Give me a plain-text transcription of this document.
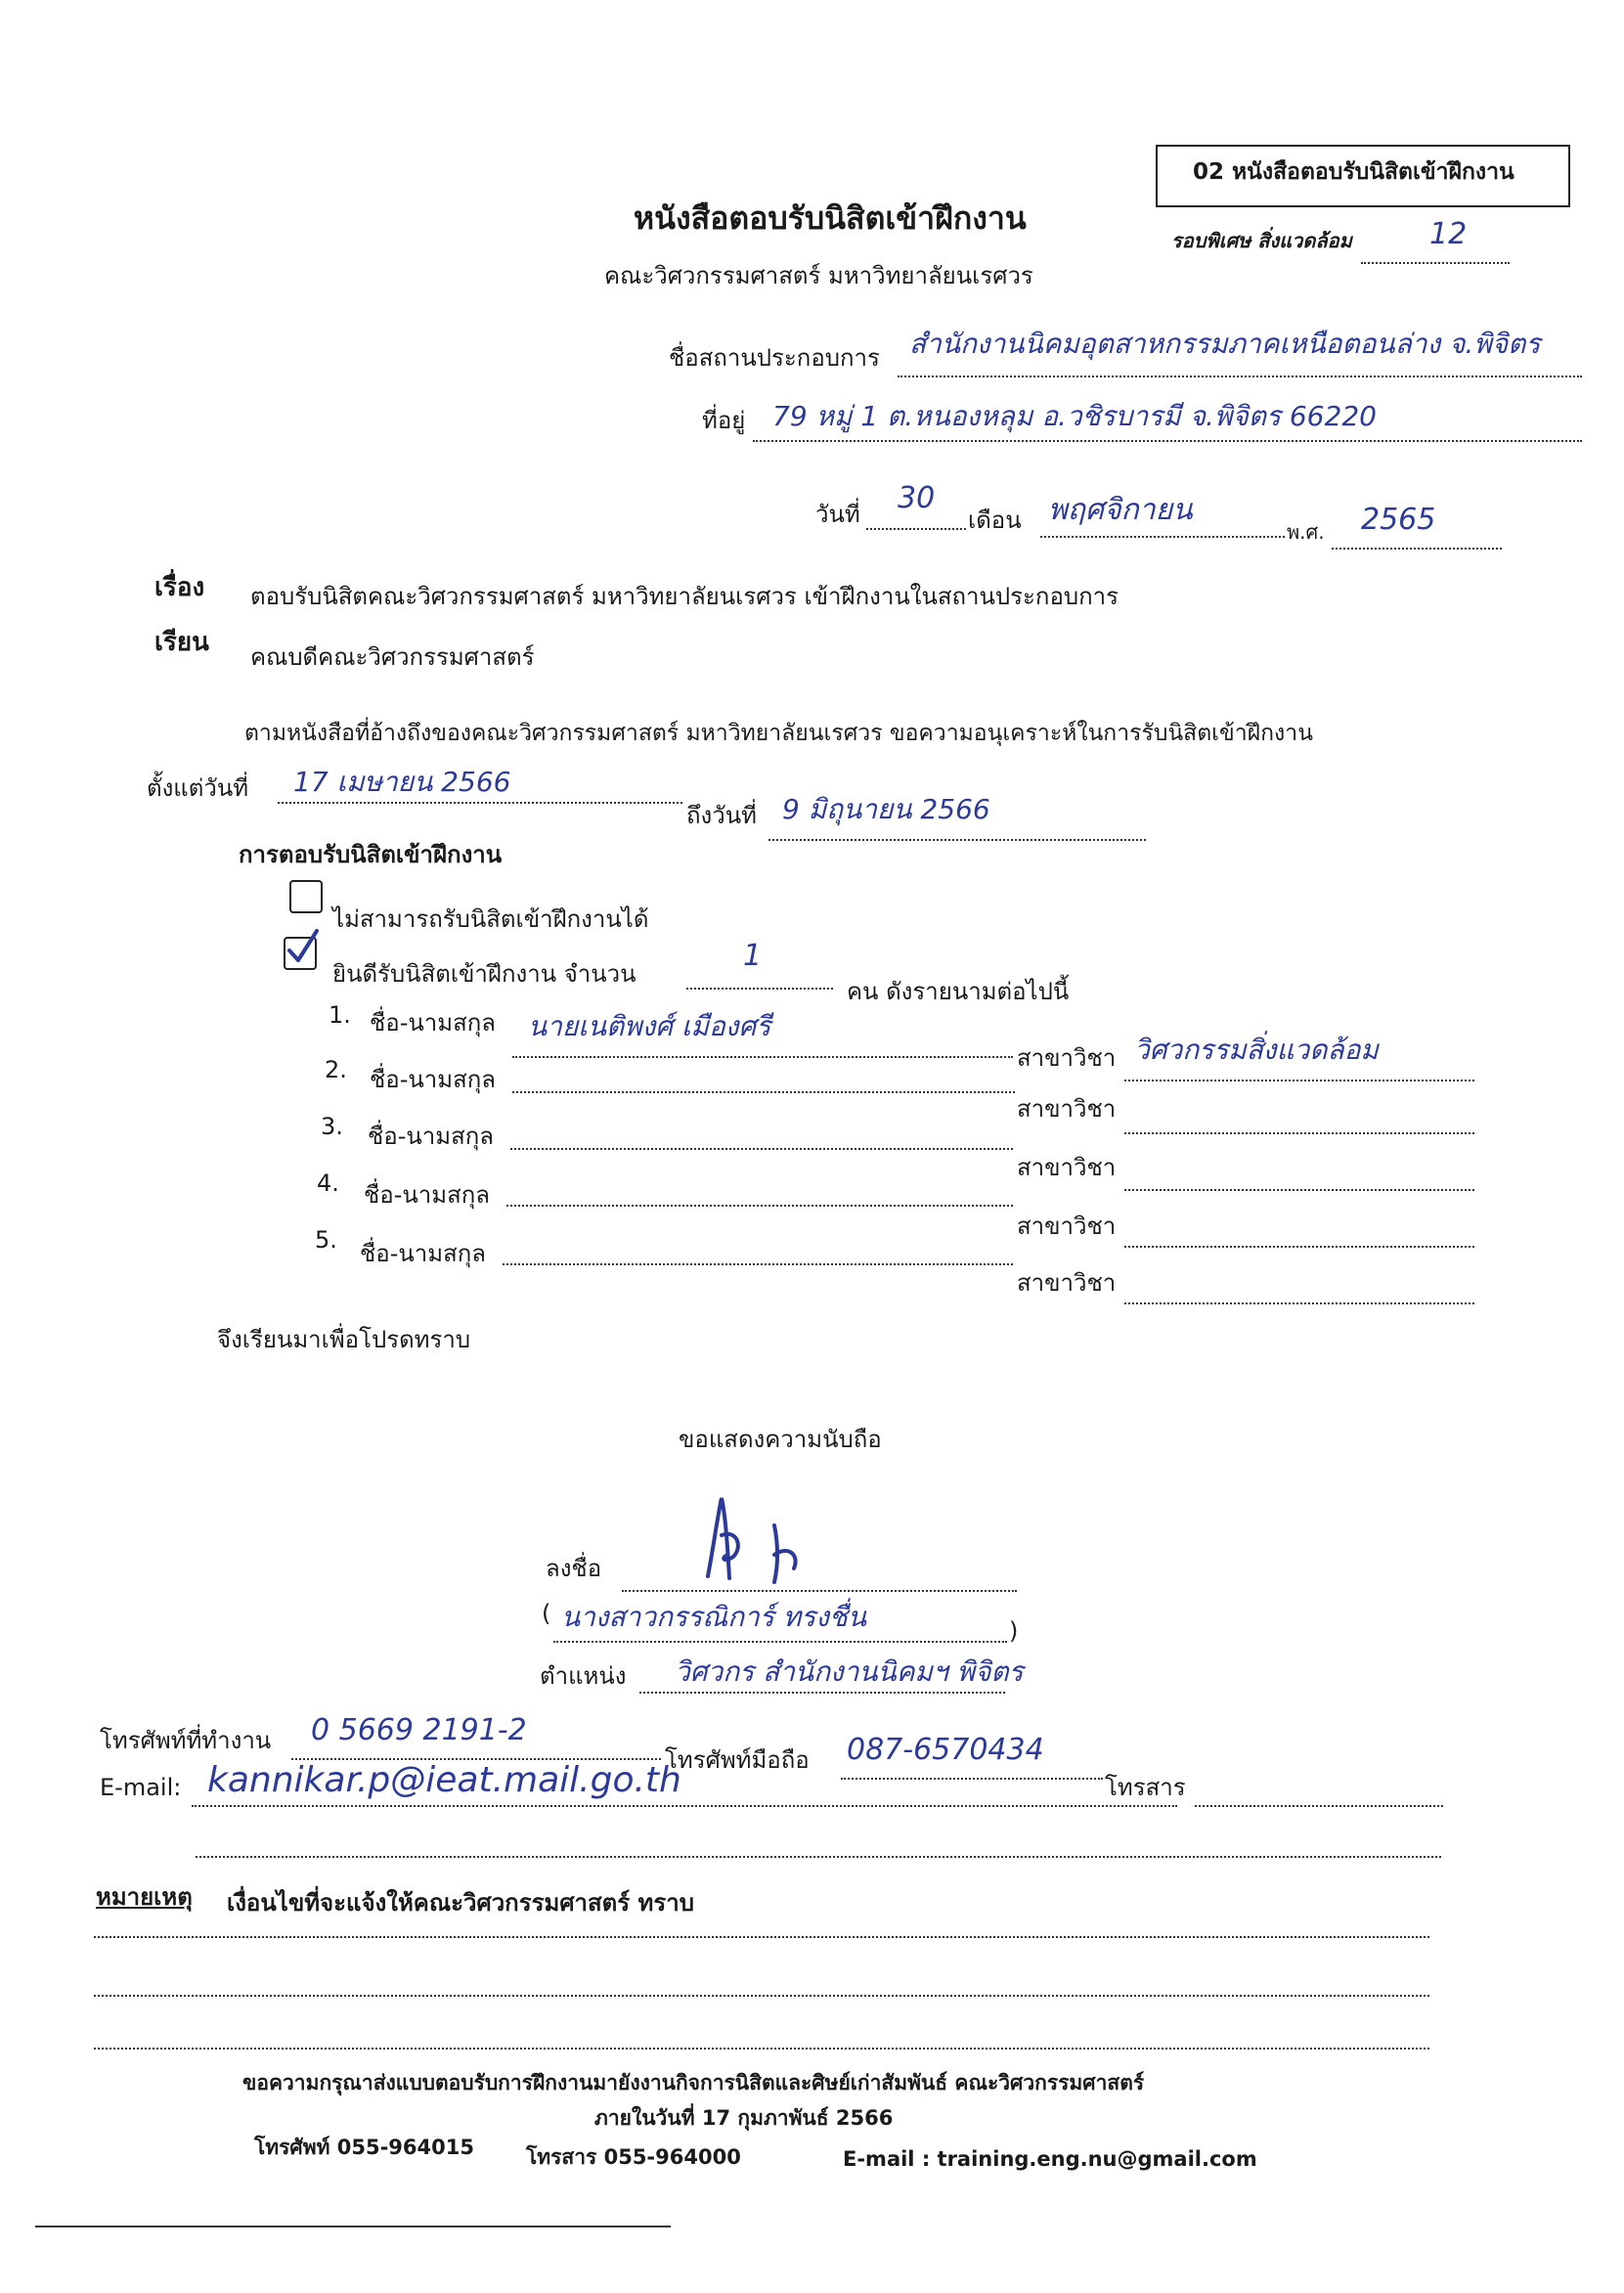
02 หนังสือตอบรับนิสิตเข้าฝึกงาน
หนังสือตอบรับนิสิตเข้าฝึกงาน
คณะวิศวกรรมศาสตร์ มหาวิทยาลัยนเรศวร
รอบพิเศษ สิ่งแวดล้อม	12
ชื่อสถานประกอบการ สำนักงานนิคมอุตสาหกรรมภาคเหนือตอนล่าง จ.พิจิตร
ที่อยู่ 79 หมู่ 1 ต.หนองหลุม อ.วชิรบารมี จ.พิจิตร 66220
วันที่ 30
เดือน พฤศจิกายน
พ.ศ. 2565
เรื่อง ตอบรับนิสิตคณะวิศวกรรมศาสตร์ มหาวิทยาลัยนเรศวร เข้าฝึกงานในสถานประกอบการ
เรียน คณบดีคณะวิศวกรรมศาสตร์
ตามหนังสือที่อ้างถึงของคณะวิศวกรรมศาสตร์ มหาวิทยาลัยนเรศวร ขอความอนุเคราะห์ในการรับนิสิตเข้าฝึกงาน
ตั้งแต่วันที่ 17 เมษายน 2566
ถึงวันที่ 9 มิถุนายน 2566
การตอบรับนิสิตเข้าฝึกงาน
ไม่สามารถรับนิสิตเข้าฝึกงานได้
ยินดีรับนิสิตเข้าฝึกงาน จำนวน
1
คน ดังรายนามต่อไปนี้
1. ชื่อ-นามสกุล นายเนติพงศ์ เมืองศรี
สาขาวิชา วิศวกรรมสิ่งแวดล้อม
2. ชื่อ-นามสกุล
สาขาวิชา
3. ชื่อ-นามสกุล
สาขาวิชา
4. ชื่อ-นามสกุล
สาขาวิชา
5. ชื่อ-นามสกุล
สาขาวิชา
จึงเรียนมาเพื่อโปรดทราบ
ขอแสดงความนับถือ
ลงชื่อ
( นางสาวกรรณิการ์ ทรงชื่น	)
ตำแหน่ง วิศวกร สำนักงานนิคมฯ พิจิตร
โทรศัพท์ที่ทำงาน 0 5669 2191-2
โทรศัพท์มือถือ 087-6570434
โทรสาร
E-mail: kannikar.p@ieat.mail.go.th
หมายเหตุ เงื่อนไขที่จะแจ้งให้คณะวิศวกรรมศาสตร์ ทราบ
ขอความกรุณาส่งแบบตอบรับการฝึกงานมายังงานกิจการนิสิตและศิษย์เก่าสัมพันธ์ คณะวิศวกรรมศาสตร์
ภายในวันที่ 17 กุมภาพันธ์ 2566
โทรศัพท์ 055-964015	โทรสาร 055-964000	E-mail : training.eng.nu@gmail.com
